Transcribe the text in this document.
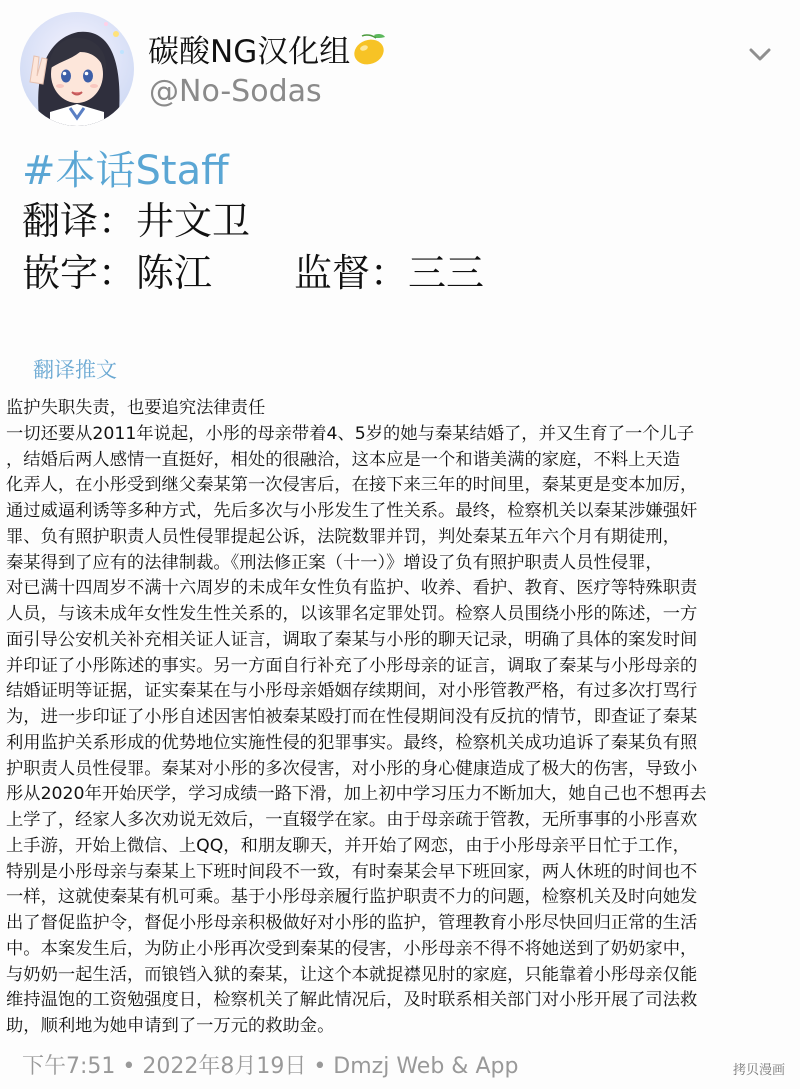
碳酸NG汉化组
@No-Sodas
#本话Staff
翻译：井文卫
嵌字：陈江 监督：三三
翻译推文
监护失职失责，也要追究法律责任
一切还要从2011年说起，小彤的母亲带着4、5岁的她与秦某结婚了，并又生育了一个儿子
，结婚后两人感情一直挺好，相处的很融洽，这本应是一个和谐美满的家庭，不料上天造
化弄人，在小彤受到继父秦某第一次侵害后，在接下来三年的时间里，秦某更是变本加厉，
通过威逼利诱等多种方式，先后多次与小彤发生了性关系。最终，检察机关以秦某涉嫌强奸
罪、负有照护职责人员性侵罪提起公诉，法院数罪并罚，判处秦某五年六个月有期徒刑，
秦某得到了应有的法律制裁。《刑法修正案（十一）》增设了负有照护职责人员性侵罪，
对已满十四周岁不满十六周岁的未成年女性负有监护、收养、看护、教育、医疗等特殊职责
人员，与该未成年女性发生性关系的，以该罪名定罪处罚。检察人员围绕小彤的陈述，一方
面引导公安机关补充相关证人证言，调取了秦某与小彤的聊天记录，明确了具体的案发时间
并印证了小彤陈述的事实。另一方面自行补充了小彤母亲的证言，调取了秦某与小彤母亲的
结婚证明等证据，证实秦某在与小彤母亲婚姻存续期间，对小彤管教严格，有过多次打骂行
为，进一步印证了小彤自述因害怕被秦某殴打而在性侵期间没有反抗的情节，即查证了秦某
利用监护关系形成的优势地位实施性侵的犯罪事实。最终，检察机关成功追诉了秦某负有照
护职责人员性侵罪。秦某对小彤的多次侵害，对小彤的身心健康造成了极大的伤害，导致小
彤从2020年开始厌学，学习成绩一路下滑，加上初中学习压力不断加大，她自己也不想再去
上学了，经家人多次劝说无效后，一直辍学在家。由于母亲疏于管教，无所事事的小彤喜欢
上手游，开始上微信、上QQ，和朋友聊天，并开始了网恋，由于小彤母亲平日忙于工作，
特别是小彤母亲与秦某上下班时间段不一致，有时秦某会早下班回家，两人休班的时间也不
一样，这就使秦某有机可乘。基于小彤母亲履行监护职责不力的问题，检察机关及时向她发
出了督促监护令，督促小彤母亲积极做好对小彤的监护，管理教育小彤尽快回归正常的生活
中。本案发生后，为防止小彤再次受到秦某的侵害，小彤母亲不得不将她送到了奶奶家中，
与奶奶一起生活，而锒铛入狱的秦某，让这个本就捉襟见肘的家庭，只能靠着小彤母亲仅能
维持温饱的工资勉强度日，检察机关了解此情况后，及时联系相关部门对小彤开展了司法救
助，顺利地为她申请到了一万元的救助金。
下午7:51 • 2022年8月19日 • Dmzj Web & App	拷贝漫画
